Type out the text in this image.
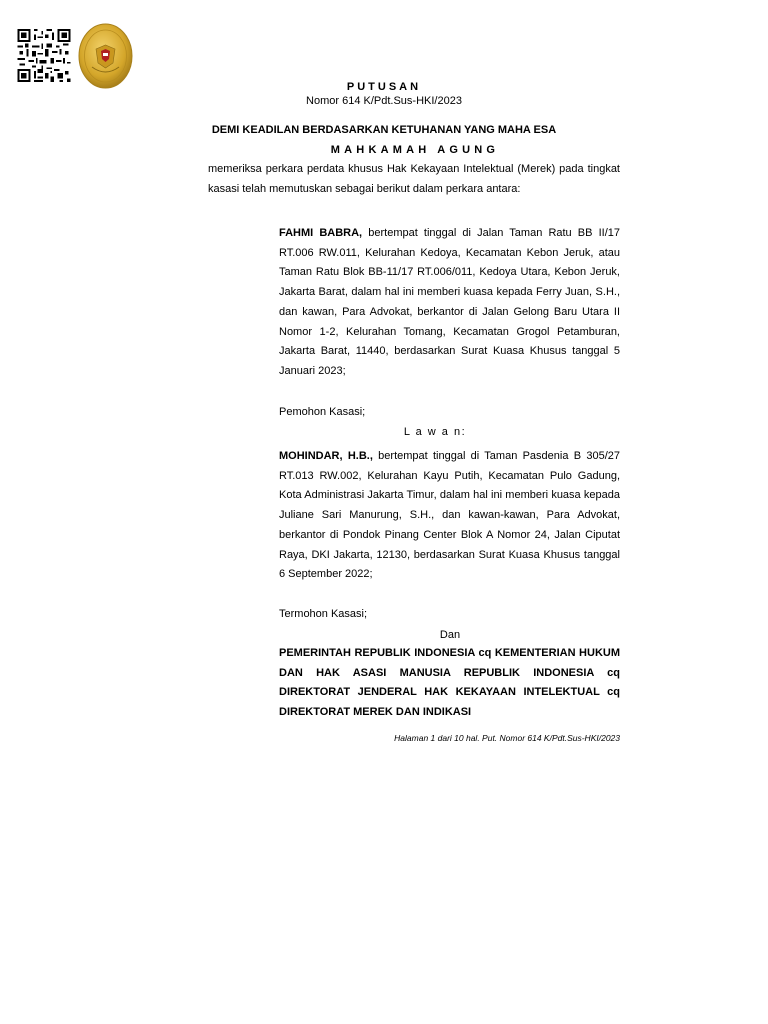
PUTUSAN
Nomor 614 K/Pdt.Sus-HKI/2023
DEMI KEADILAN BERDASARKAN KETUHANAN YANG MAHA ESA
MAHKAMAH AGUNG
memeriksa perkara perdata khusus Hak Kekayaan Intelektual (Merek) pada tingkat kasasi telah memutuskan sebagai berikut dalam perkara antara:
FAHMI BABRA, bertempat tinggal di Jalan Taman Ratu BB II/17 RT.006 RW.011, Kelurahan Kedoya, Kecamatan Kebon Jeruk, atau Taman Ratu Blok BB-11/17 RT.006/011, Kedoya Utara, Kebon Jeruk, Jakarta Barat, dalam hal ini memberi kuasa kepada Ferry Juan, S.H., dan kawan, Para Advokat, berkantor di Jalan Gelong Baru Utara II Nomor 1-2, Kelurahan Tomang, Kecamatan Grogol Petamburan, Jakarta Barat, 11440, berdasarkan Surat Kuasa Khusus tanggal 5 Januari 2023;
Pemohon Kasasi;
L a w a n:
MOHINDAR, H.B., bertempat tinggal di Taman Pasdenia B 305/27 RT.013 RW.002, Kelurahan Kayu Putih, Kecamatan Pulo Gadung, Kota Administrasi Jakarta Timur, dalam hal ini memberi kuasa kepada Juliane Sari Manurung, S.H., dan kawan-kawan, Para Advokat, berkantor di Pondok Pinang Center Blok A Nomor 24, Jalan Ciputat Raya, DKI Jakarta, 12130, berdasarkan Surat Kuasa Khusus tanggal 6 September 2022;
Termohon Kasasi;
Dan
PEMERINTAH REPUBLIK INDONESIA cq KEMENTERIAN HUKUM DAN HAK ASASI MANUSIA REPUBLIK INDONESIA cq DIREKTORAT JENDERAL HAK KEKAYAAN INTELEKTUAL cq DIREKTORAT MEREK DAN INDIKASI
Halaman 1 dari 10 hal. Put. Nomor 614 K/Pdt.Sus-HKI/2023
